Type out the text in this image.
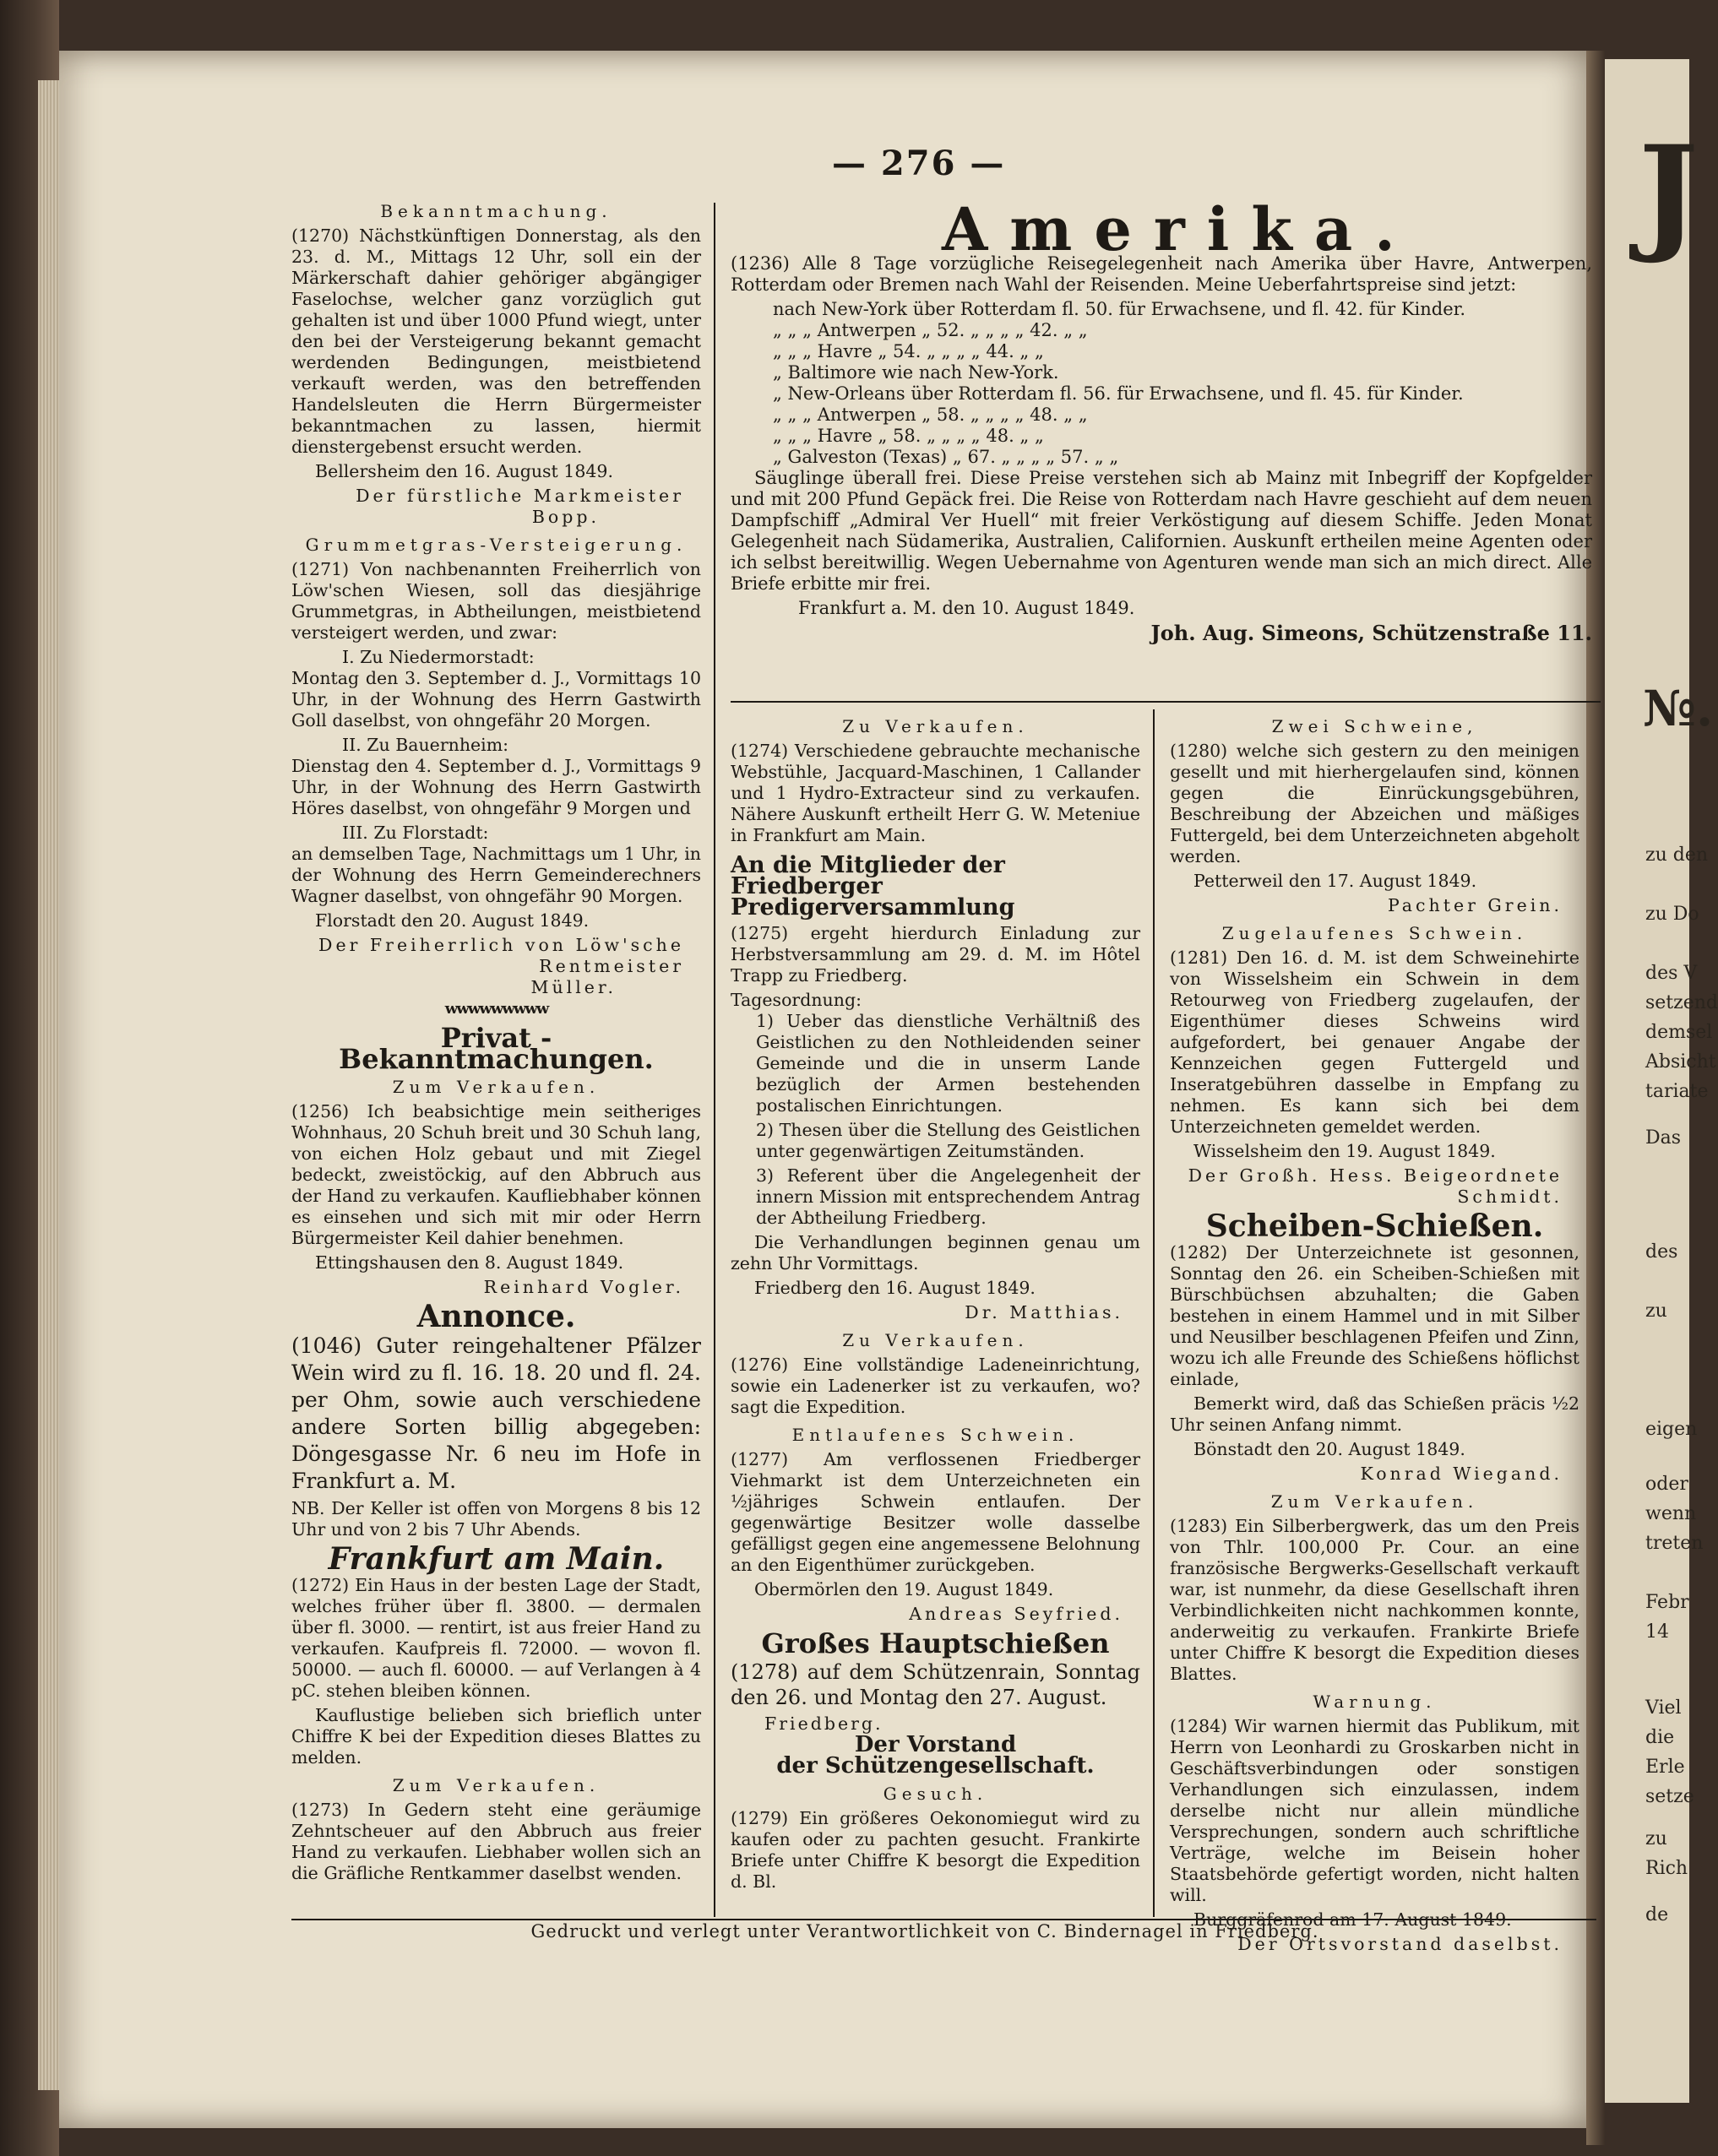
J
№.
zu den
zu Do
des V
setzend
demsel
Absicht
tariate
Das
des
zu
eigen
oder
wenn
treten
Febr
14
Viel
die
Erle
setze
zu
Rich
de
— 276 —
Amerika.

(1236) Alle 8 Tage vorzügliche Reisegelegenheit nach Amerika über Havre, Antwerpen, Rotterdam oder Bremen nach Wahl der Reisenden. Meine Ueberfahrtspreise sind jetzt:

nach New-York über Rotterdam fl. 50. für Erwachsene, und fl. 42. für Kinder.
„ „ „ Antwerpen „ 52. „ „ „ „ 42. „ „
„ „ „ Havre „ 54. „ „ „ „ 44. „ „
„ Baltimore wie nach New-York.
„ New-Orleans über Rotterdam fl. 56. für Erwachsene, und fl. 45. für Kinder.
„ „ „ Antwerpen „ 58. „ „ „ „ 48. „ „
„ „ „ Havre „ 58. „ „ „ „ 48. „ „
„ Galveston (Texas) „ 67. „ „ „ „ 57. „ „

Säuglinge überall frei. Diese Preise verstehen sich ab Mainz mit Inbegriff der Kopfgelder und mit 200 Pfund Gepäck frei. Die Reise von Rotterdam nach Havre geschieht auf dem neuen Dampfschiff „Admiral Ver Huell“ mit freier Verköstigung auf diesem Schiffe. Jeden Monat Gelegenheit nach Südamerika, Australien, Californien. Auskunft ertheilen meine Agenten oder ich selbst bereitwillig. Wegen Uebernahme von Agenturen wende man sich an mich direct. Alle Briefe erbitte mir frei.

Frankfurt a. M. den 10. August 1849.

Joh. Aug. Simeons, Schützenstraße 11.

Bekanntmachung.

(1270) Nächstkünftigen Donnerstag, als den 23. d. M., Mittags 12 Uhr, soll ein der Märkerschaft dahier gehöriger abgängiger Faselochse, welcher ganz vorzüglich gut gehalten ist und über 1000 Pfund wiegt, unter den bei der Versteigerung bekannt gemacht werdenden Bedingungen, meistbietend verkauft werden, was den betreffenden Handelsleuten die Herrn Bürgermeister bekanntmachen zu lassen, hiermit dienstergebenst ersucht werden.

Bellersheim den 16. August 1849.

Der fürstliche Markmeister
Bopp.
Grummetgras-Versteigerung.

(1271) Von nachbenannten Freiherrlich von Löw'schen Wiesen, soll das diesjährige Grummetgras, in Abtheilungen, meistbietend versteigert werden, und zwar:

I. Zu Niedermorstadt:

Montag den 3. September d. J., Vormittags 10 Uhr, in der Wohnung des Herrn Gastwirth Goll daselbst, von ohngefähr 20 Morgen.

II. Zu Bauernheim:

Dienstag den 4. September d. J., Vormittags 9 Uhr, in der Wohnung des Herrn Gastwirth Höres daselbst, von ohngefähr 9 Morgen und

III. Zu Florstadt:

an demselben Tage, Nachmittags um 1 Uhr, in der Wohnung des Herrn Gemeinderechners Wagner daselbst, von ohngefähr 90 Morgen.

Florstadt den 20. August 1849.

Der Freiherrlich von Löw'sche Rentmeister
Müller.
wwwwwwwww
Privat - Bekanntmachungen.
Zum Verkaufen.

(1256) Ich beabsichtige mein seitheriges Wohnhaus, 20 Schuh breit und 30 Schuh lang, von eichen Holz gebaut und mit Ziegel bedeckt, zweistöckig, auf den Abbruch aus der Hand zu verkaufen. Kaufliebhaber können es einsehen und sich mit mir oder Herrn Bürgermeister Keil dahier benehmen.

Ettingshausen den 8. August 1849.

Reinhard Vogler.
Annonce.

(1046) Guter reingehaltener Pfälzer Wein wird zu fl. 16. 18. 20 und fl. 24. per Ohm, sowie auch verschiedene andere Sorten billig abgegeben: Döngesgasse Nr. 6 neu im Hofe in Frankfurt a. M.

NB. Der Keller ist offen von Morgens 8 bis 12 Uhr und von 2 bis 7 Uhr Abends.

Frankfurt am Main.

(1272) Ein Haus in der besten Lage der Stadt, welches früher über fl. 3800. — dermalen über fl. 3000. — rentirt, ist aus freier Hand zu verkaufen. Kaufpreis fl. 72000. — wovon fl. 50000. — auch fl. 60000. — auf Verlangen à 4 pC. stehen bleiben können.

Kauflustige belieben sich brieflich unter Chiffre K bei der Expedition dieses Blattes zu melden.

Zum Verkaufen.

(1273) In Gedern steht eine geräumige Zehntscheuer auf den Abbruch aus freier Hand zu verkaufen. Liebhaber wollen sich an die Gräfliche Rentkammer daselbst wenden.

Zu Verkaufen.

(1274) Verschiedene gebrauchte mechanische Webstühle, Jacquard-Maschinen, 1 Callander und 1 Hydro-Extracteur sind zu verkaufen. Nähere Auskunft ertheilt Herr G. W. Meteniue in Frankfurt am Main.

An die Mitglieder der Friedberger Predigerversammlung

(1275) ergeht hierdurch Einladung zur Herbstversammlung am 29. d. M. im Hôtel Trapp zu Friedberg.

Tagesordnung:

1) Ueber das dienstliche Verhältniß des Geistlichen zu den Nothleidenden seiner Gemeinde und die in unserm Lande bezüglich der Armen bestehenden postalischen Einrichtungen.

2) Thesen über die Stellung des Geistlichen unter gegenwärtigen Zeitumständen.

3) Referent über die Angelegenheit der innern Mission mit entsprechendem Antrag der Abtheilung Friedberg.

Die Verhandlungen beginnen genau um zehn Uhr Vormittags.

Friedberg den 16. August 1849.

Dr. Matthias.
Zu Verkaufen.

(1276) Eine vollständige Ladeneinrichtung, sowie ein Ladenerker ist zu verkaufen, wo? sagt die Expedition.

Entlaufenes Schwein.

(1277) Am verflossenen Friedberger Viehmarkt ist dem Unterzeichneten ein ½jähriges Schwein entlaufen. Der gegenwärtige Besitzer wolle dasselbe gefälligst gegen eine angemessene Belohnung an den Eigenthümer zurückgeben.

Obermörlen den 19. August 1849.

Andreas Seyfried.
Großes Hauptschießen

(1278) auf dem Schützenrain, Sonntag den 26. und Montag den 27. August.

Friedberg.
Der Vorstand
der Schützengesellschaft.
Gesuch.

(1279) Ein größeres Oekonomiegut wird zu kaufen oder zu pachten gesucht. Frankirte Briefe unter Chiffre K besorgt die Expedition d. Bl.

Zwei Schweine,

(1280) welche sich gestern zu den meinigen gesellt und mit hierhergelaufen sind, können gegen die Einrückungsgebühren, Beschreibung der Abzeichen und mäßiges Futtergeld, bei dem Unterzeichneten abgeholt werden.

Petterweil den 17. August 1849.

Pachter Grein.
Zugelaufenes Schwein.

(1281) Den 16. d. M. ist dem Schweinehirte von Wisselsheim ein Schwein in dem Retourweg von Friedberg zugelaufen, der Eigenthümer dieses Schweins wird aufgefordert, bei genauer Angabe der Kennzeichen gegen Futtergeld und Inseratgebühren dasselbe in Empfang zu nehmen. Es kann sich bei dem Unterzeichneten gemeldet werden.

Wisselsheim den 19. August 1849.

Der Großh. Hess. Beigeordnete Schmidt.
Scheiben-Schießen.

(1282) Der Unterzeichnete ist gesonnen, Sonntag den 26. ein Scheiben-Schießen mit Bürschbüchsen abzuhalten; die Gaben bestehen in einem Hammel und in mit Silber und Neusilber beschlagenen Pfeifen und Zinn, wozu ich alle Freunde des Schießens höflichst einlade,

Bemerkt wird, daß das Schießen präcis ½2 Uhr seinen Anfang nimmt.

Bönstadt den 20. August 1849.

Konrad Wiegand.
Zum Verkaufen.

(1283) Ein Silberbergwerk, das um den Preis von Thlr. 100,000 Pr. Cour. an eine französische Bergwerks-Gesellschaft verkauft war, ist nunmehr, da diese Gesellschaft ihren Verbindlichkeiten nicht nachkommen konnte, anderweitig zu verkaufen. Frankirte Briefe unter Chiffre K besorgt die Expedition dieses Blattes.

Warnung.

(1284) Wir warnen hiermit das Publikum, mit Herrn von Leonhardi zu Groskarben nicht in Geschäftsverbindungen oder sonstigen Verhandlungen sich einzulassen, indem derselbe nicht nur allein mündliche Versprechungen, sondern auch schriftliche Verträge, welche im Beisein hoher Staatsbehörde gefertigt worden, nicht halten will.

Burggräfenrod am 17. August 1849.

Der Ortsvorstand daselbst.
Gedruckt und verlegt unter Verantwortlichkeit von C. Bindernagel in Friedberg.
